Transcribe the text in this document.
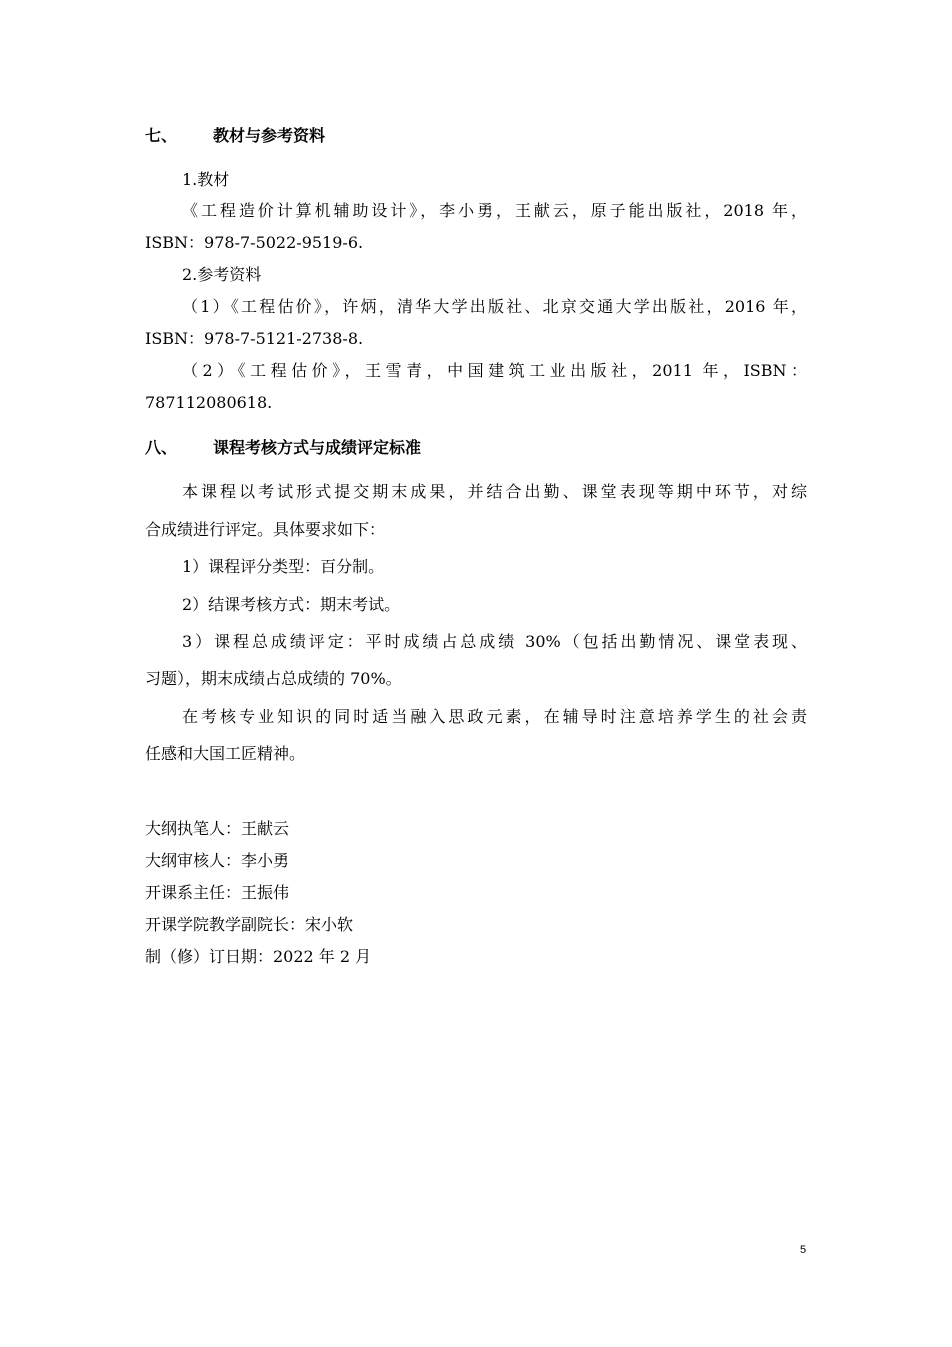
七、 教材与参考资料
1.教材
《工程造价计算机辅助设计》，李小勇，王献云，原子能出版社，2018 年，
ISBN：978-7-5022-9519-6.
2.参考资料
（1）《工程估价》，许炳，清华大学出版社、北京交通大学出版社，2016 年，
ISBN：978-7-5121-2738-8.
（2）《工程估价》，王雪青，中国建筑工业出版社，2011 年，ISBN：
787112080618.
八、 课程考核方式与成绩评定标准
本课程以考试形式提交期末成果，并结合出勤、课堂表现等期中环节，对综
合成绩进行评定。具体要求如下：
1）课程评分类型：百分制。
2）结课考核方式：期末考试。
3）课程总成绩评定：平时成绩占总成绩 30%（包括出勤情况、课堂表现、
习题），期末成绩占总成绩的 70%。
在考核专业知识的同时适当融入思政元素，在辅导时注意培养学生的社会责
任感和大国工匠精神。
大纲执笔人：王献云
大纲审核人：李小勇
开课系主任：王振伟
开课学院教学副院长：宋小软
制（修）订日期：2022 年 2 月
5
